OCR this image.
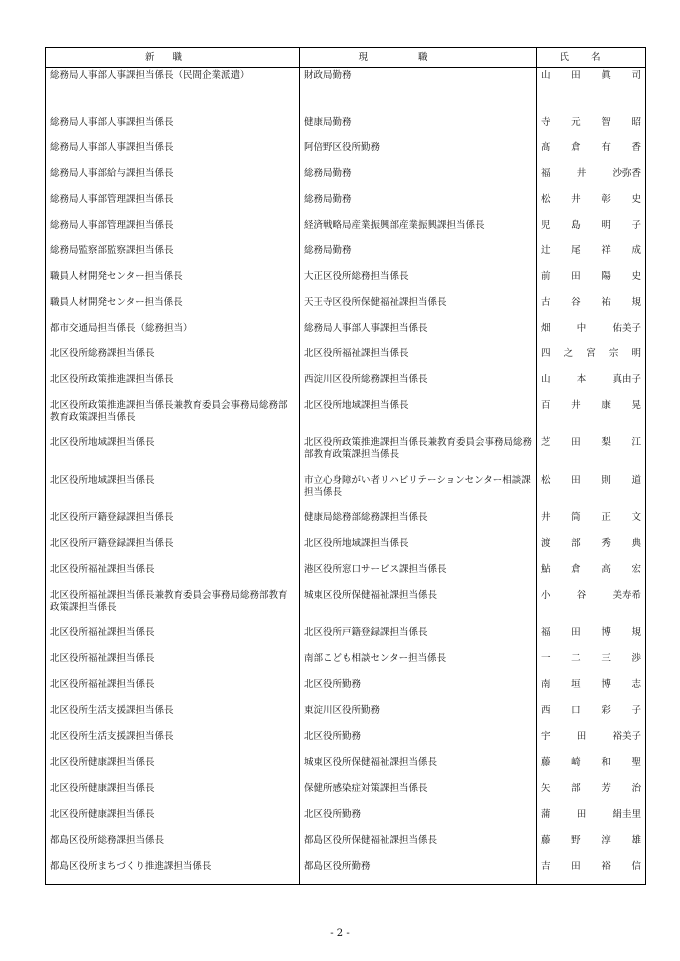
新職	現職	氏名
総務局人事部人事課担当係長（民間企業派遣）	財政局勤務	山 田 眞 司

総務局人事部人事課担当係長	健康局勤務	寺 元 智 昭

総務局人事部人事課担当係長	阿倍野区役所勤務	髙 倉 有 香

総務局人事部給与課担当係長	総務局勤務	福 井 沙弥香

総務局人事部管理課担当係長	総務局勤務	松 井 彰 史

総務局人事部管理課担当係長	経済戦略局産業振興部産業振興課担当係長	児 島 明 子

総務局監察部監察課担当係長	総務局勤務	辻 尾 祥 成

職員人材開発センター担当係長	大正区役所総務担当係長	前 田 陽 史

職員人材開発センター担当係長	天王寺区役所保健福祉課担当係長	古 谷 祐 規

都市交通局担当係長（総務担当）	総務局人事部人事課担当係長	畑 中 佑美子

北区役所総務課担当係長	北区役所福祉課担当係長	四 之 宮 宗 明

北区役所政策推進課担当係長	西淀川区役所総務課担当係長	山 本 真由子

北区役所政策推進課担当係長兼教育委員会事務局総務部教育政策課担当係長	北区役所地域課担当係長	百 井 康 晃

北区役所地域課担当係長	北区役所政策推進課担当係長兼教育委員会事務局総務部教育政策課担当係長	芝 田 梨 江

北区役所地域課担当係長	市立心身障がい者リハビリテーションセンター相談課担当係長	松 田 則 道

北区役所戸籍登録課担当係長	健康局総務部総務課担当係長	井 筒 正 文

北区役所戸籍登録課担当係長	北区役所地域課担当係長	渡 部 秀 典

北区役所福祉課担当係長	港区役所窓口サービス課担当係長	鮎 倉 高 宏

北区役所福祉課担当係長兼教育委員会事務局総務部教育政策課担当係長	城東区役所保健福祉課担当係長	小 谷 美寿希

北区役所福祉課担当係長	北区役所戸籍登録課担当係長	福 田 博 規

北区役所福祉課担当係長	南部こども相談センター担当係長	一 二 三 渉

北区役所福祉課担当係長	北区役所勤務	南 垣 博 志

北区役所生活支援課担当係長	東淀川区役所勤務	西 口 彩 子

北区役所生活支援課担当係長	北区役所勤務	宇 田 裕美子

北区役所健康課担当係長	城東区役所保健福祉課担当係長	藤 崎 和 聖

北区役所健康課担当係長	保健所感染症対策課担当係長	矢 部 芳 治

北区役所健康課担当係長	北区役所勤務	蒲 田 絹圭里

都島区役所総務課担当係長	都島区役所保健福祉課担当係長	藤 野 淳 雄

都島区役所まちづくり推進課担当係長	都島区役所勤務	吉 田 裕 信
- 2 -
